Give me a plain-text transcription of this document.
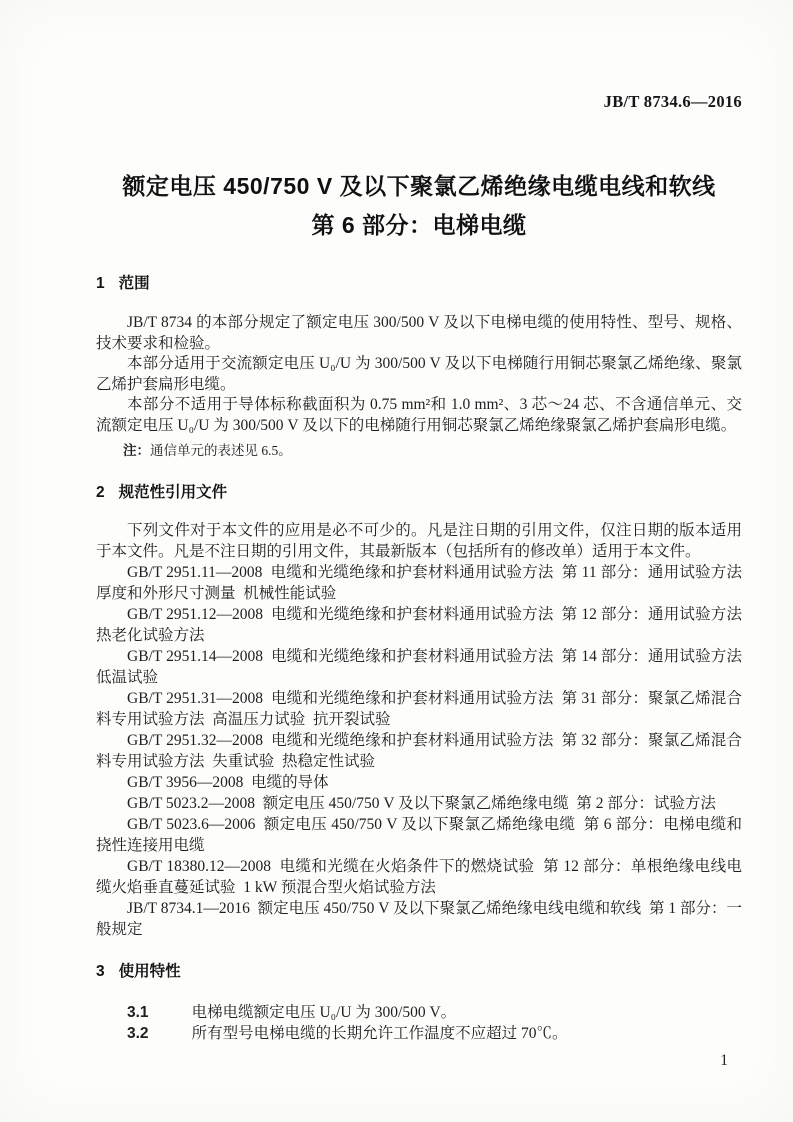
JB/T 8734.6—2016
额定电压 450/750 V 及以下聚氯乙烯绝缘电缆电线和软线
第 6 部分：电梯电缆
1 范围

JB/T 8734 的本部分规定了额定电压 300/500 V 及以下电梯电缆的使用特性、型号、规格、技术要求和检验。

本部分适用于交流额定电压 U₀/U 为 300/500 V 及以下电梯随行用铜芯聚氯乙烯绝缘、聚氯乙烯护套扁形电缆。

本部分不适用于导体标称截面积为 0.75 mm²和 1.0 mm²、3 芯～24 芯、不含通信单元、交流额定电压 U₀/U 为 300/500 V 及以下的电梯随行用铜芯聚氯乙烯绝缘聚氯乙烯护套扁形电缆。

注：通信单元的表述见 6.5。

2 规范性引用文件

下列文件对于本文件的应用是必不可少的。凡是注日期的引用文件，仅注日期的版本适用于本文件。凡是不注日期的引用文件，其最新版本（包括所有的修改单）适用于本文件。

GB/T 2951.11—2008  电缆和光缆绝缘和护套材料通用试验方法  第 11 部分：通用试验方法  厚度和外形尺寸测量  机械性能试验

GB/T 2951.12—2008  电缆和光缆绝缘和护套材料通用试验方法  第 12 部分：通用试验方法  热老化试验方法

GB/T 2951.14—2008  电缆和光缆绝缘和护套材料通用试验方法  第 14 部分：通用试验方法  低温试验

GB/T 2951.31—2008  电缆和光缆绝缘和护套材料通用试验方法  第 31 部分：聚氯乙烯混合料专用试验方法  高温压力试验  抗开裂试验

GB/T 2951.32—2008  电缆和光缆绝缘和护套材料通用试验方法  第 32 部分：聚氯乙烯混合料专用试验方法  失重试验  热稳定性试验

GB/T 3956—2008  电缆的导体

GB/T 5023.2—2008  额定电压 450/750 V 及以下聚氯乙烯绝缘电缆  第 2 部分：试验方法

GB/T 5023.6—2006  额定电压 450/750 V 及以下聚氯乙烯绝缘电缆  第 6 部分：电梯电缆和挠性连接用电缆

GB/T 18380.12—2008  电缆和光缆在火焰条件下的燃烧试验  第 12 部分：单根绝缘电线电缆火焰垂直蔓延试验  1 kW 预混合型火焰试验方法

JB/T 8734.1—2016  额定电压 450/750 V 及以下聚氯乙烯绝缘电线电缆和软线  第 1 部分：一般规定

3 使用特性

3.1	电梯电缆额定电压 U₀/U 为 300/500 V。

3.2	所有型号电梯电缆的长期允许工作温度不应超过 70℃。

1
